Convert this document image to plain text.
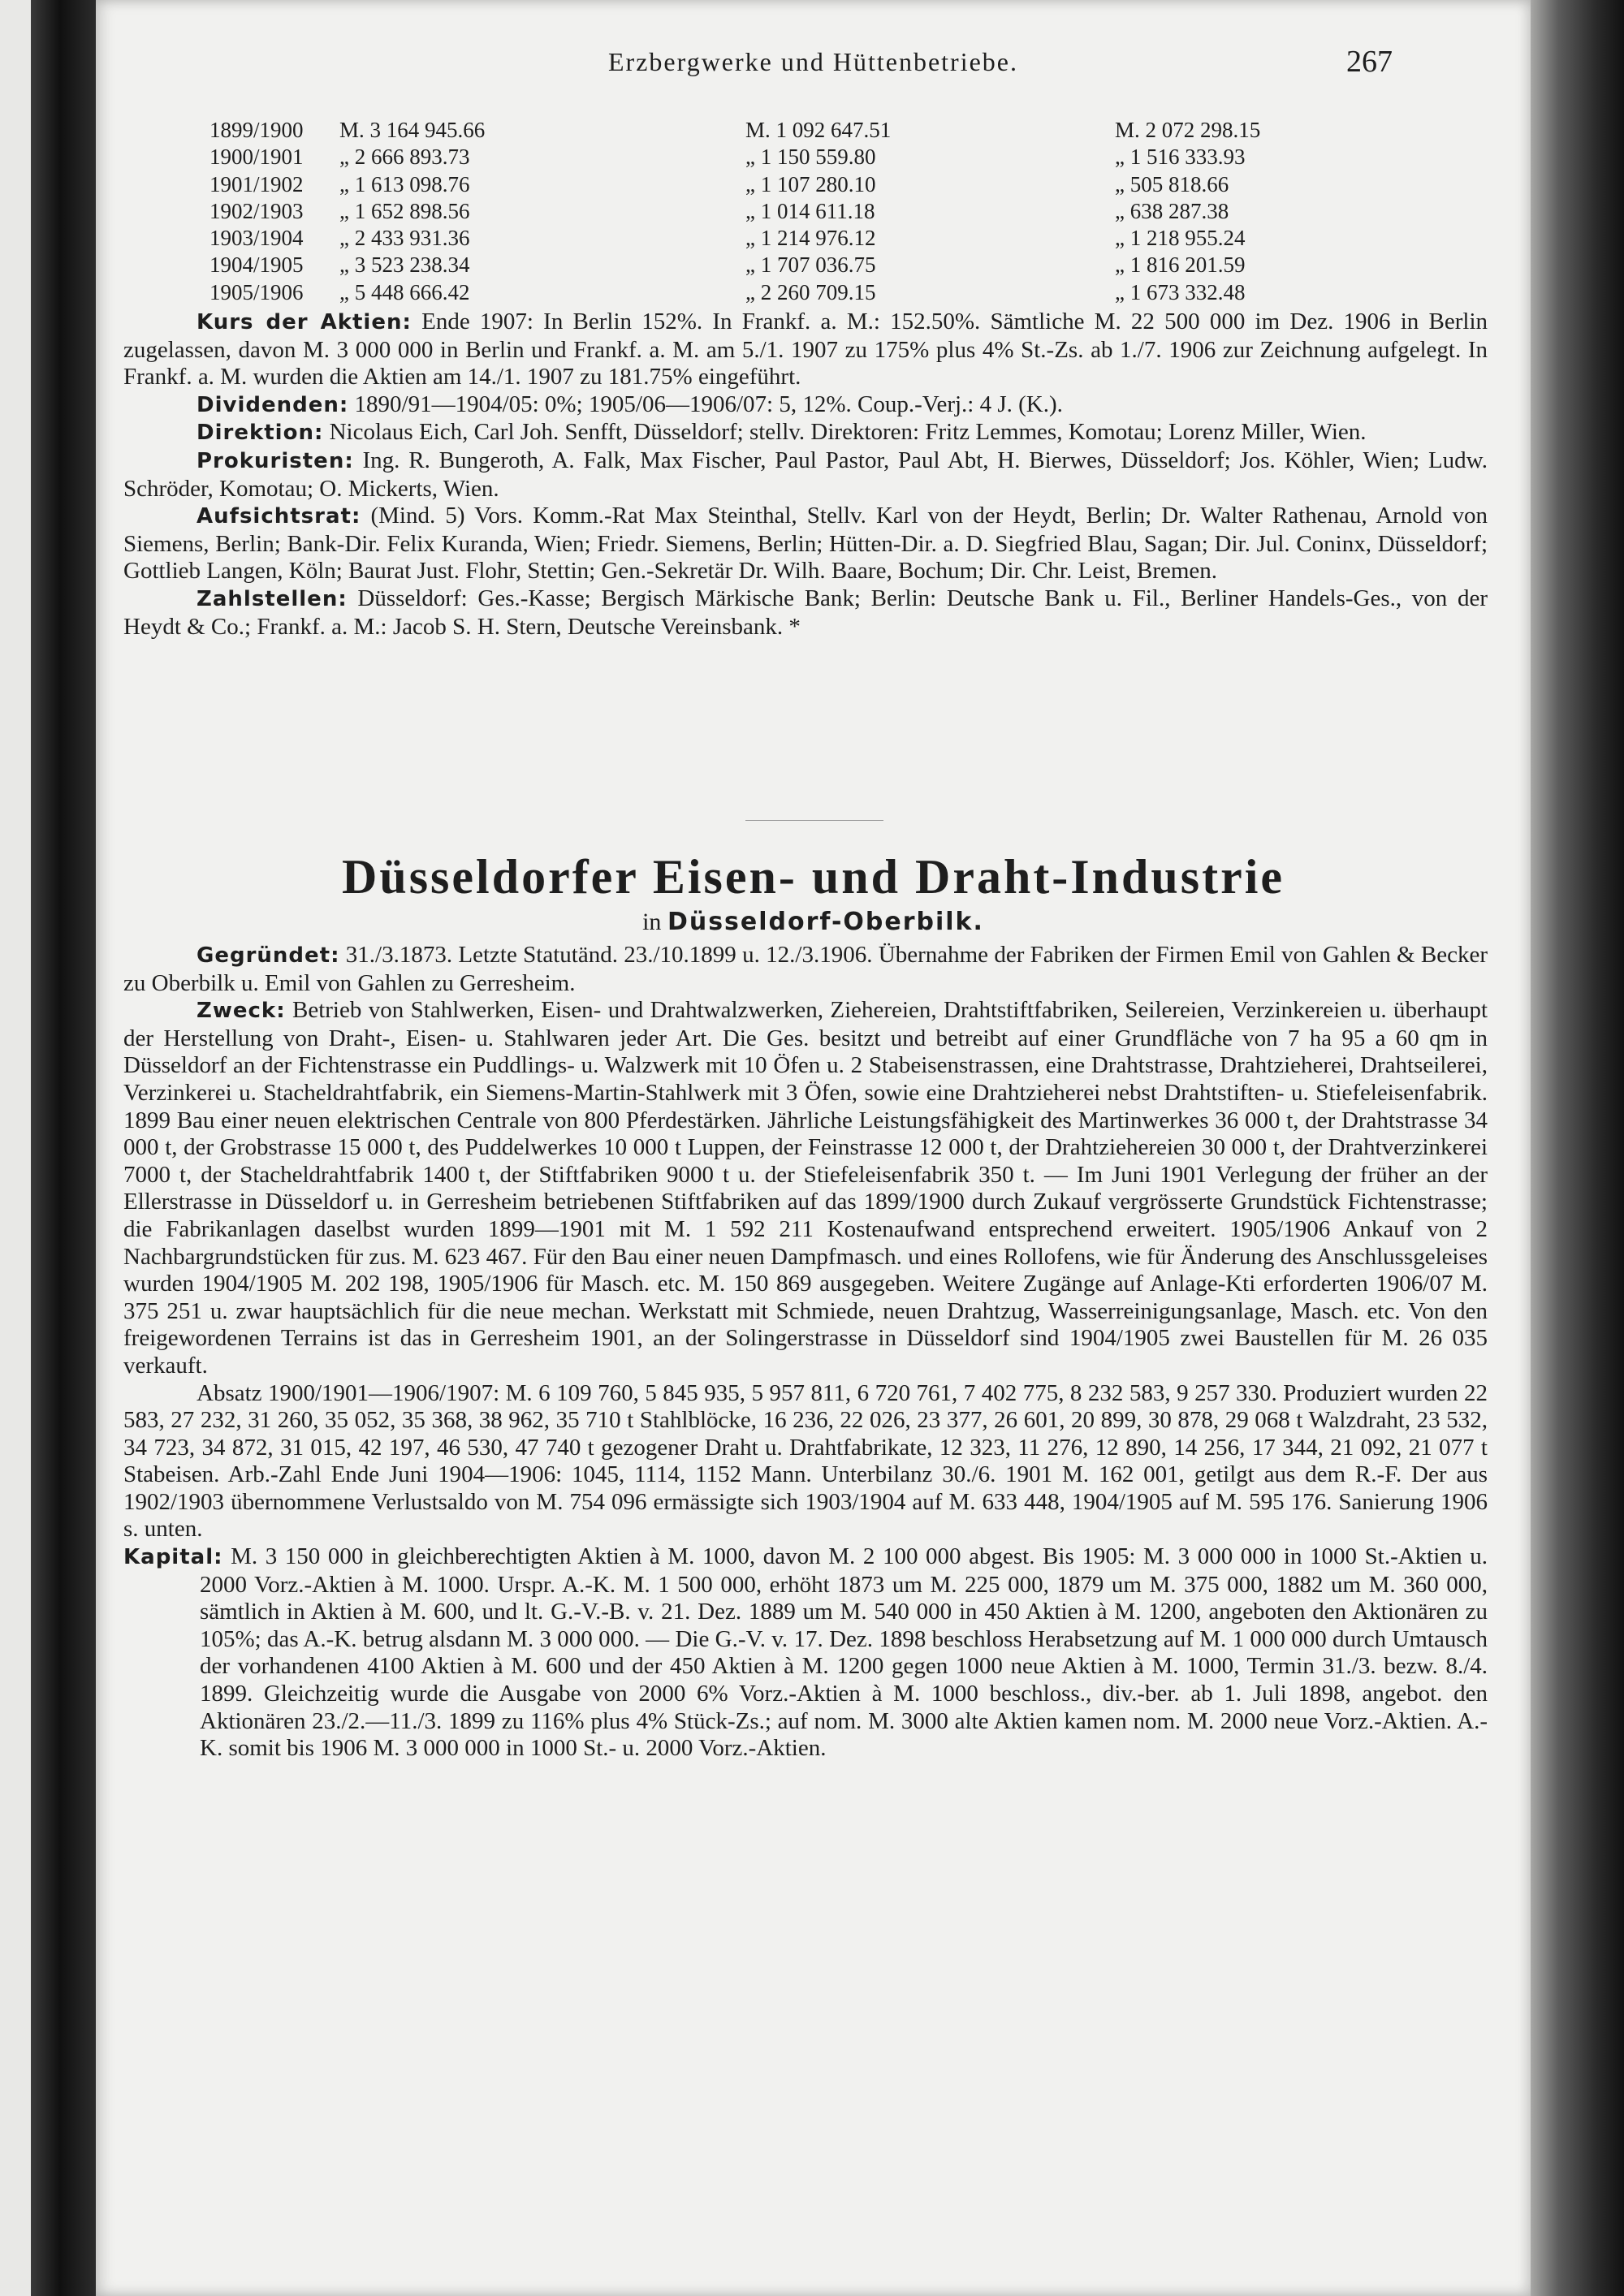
Erzbergwerke und Hüttenbetriebe.	267
1899/1900
1900/1901
1901/1902
1902/1903
1903/1904
1904/1905
1905/1906
M. 3 164 945.66
„ 2 666 893.73
„ 1 613 098.76
„ 1 652 898.56
„ 2 433 931.36
„ 3 523 238.34
„ 5 448 666.42
M. 1 092 647.51
„ 1 150 559.80
„ 1 107 280.10
„ 1 014 611.18
„ 1 214 976.12
„ 1 707 036.75
„ 2 260 709.15
M. 2 072 298.15
„ 1 516 333.93
„ 505 818.66
„ 638 287.38
„ 1 218 955.24
„ 1 816 201.59
„ 1 673 332.48

Kurs der Aktien: Ende 1907: In Berlin 152%. In Frankf. a. M.: 152.50%. Sämtliche M. 22 500 000 im Dez. 1906 in Berlin zugelassen, davon M. 3 000 000 in Berlin und Frankf. a. M. am 5./1. 1907 zu 175% plus 4% St.-Zs. ab 1./7. 1906 zur Zeichnung aufgelegt. In Frankf. a. M. wurden die Aktien am 14./1. 1907 zu 181.75% eingeführt.

Dividenden: 1890/91—1904/05: 0%; 1905/06—1906/07: 5, 12%. Coup.-Verj.: 4 J. (K.).

Direktion: Nicolaus Eich, Carl Joh. Senfft, Düsseldorf; stellv. Direktoren: Fritz Lemmes, Komotau; Lorenz Miller, Wien.

Prokuristen: Ing. R. Bungeroth, A. Falk, Max Fischer, Paul Pastor, Paul Abt, H. Bierwes, Düsseldorf; Jos. Köhler, Wien; Ludw. Schröder, Komotau; O. Mickerts, Wien.

Aufsichtsrat: (Mind. 5) Vors. Komm.-Rat Max Steinthal, Stellv. Karl von der Heydt, Berlin; Dr. Walter Rathenau, Arnold von Siemens, Berlin; Bank-Dir. Felix Kuranda, Wien; Friedr. Siemens, Berlin; Hütten-Dir. a. D. Siegfried Blau, Sagan; Dir. Jul. Coninx, Düsseldorf; Gottlieb Langen, Köln; Baurat Just. Flohr, Stettin; Gen.-Sekretär Dr. Wilh. Baare, Bochum; Dir. Chr. Leist, Bremen.

Zahlstellen: Düsseldorf: Ges.-Kasse; Bergisch Märkische Bank; Berlin: Deutsche Bank u. Fil., Berliner Handels-Ges., von der Heydt & Co.; Frankf. a. M.: Jacob S. H. Stern, Deutsche Vereinsbank. *

Düsseldorfer Eisen- und Draht-Industrie
in Düsseldorf-Oberbilk.

Gegründet: 31./3.1873. Letzte Statutänd. 23./10.1899 u. 12./3.1906. Übernahme der Fabriken der Firmen Emil von Gahlen & Becker zu Oberbilk u. Emil von Gahlen zu Gerresheim.

Zweck: Betrieb von Stahlwerken, Eisen- und Drahtwalzwerken, Ziehereien, Drahtstiftfabriken, Seilereien, Verzinkereien u. überhaupt der Herstellung von Draht-, Eisen- u. Stahlwaren jeder Art. Die Ges. besitzt und betreibt auf einer Grundfläche von 7 ha 95 a 60 qm in Düsseldorf an der Fichtenstrasse ein Puddlings- u. Walzwerk mit 10 Öfen u. 2 Stabeisenstrassen, eine Drahtstrasse, Drahtzieherei, Drahtseilerei, Verzinkerei u. Stacheldrahtfabrik, ein Siemens-Martin-Stahlwerk mit 3 Öfen, sowie eine Drahtzieherei nebst Drahtstiften- u. Stiefeleisenfabrik. 1899 Bau einer neuen elektrischen Centrale von 800 Pferdestärken. Jährliche Leistungsfähigkeit des Martinwerkes 36 000 t, der Drahtstrasse 34 000 t, der Grobstrasse 15 000 t, des Puddelwerkes 10 000 t Luppen, der Feinstrasse 12 000 t, der Drahtziehereien 30 000 t, der Drahtverzinkerei 7000 t, der Stacheldrahtfabrik 1400 t, der Stiftfabriken 9000 t u. der Stiefeleisenfabrik 350 t. — Im Juni 1901 Verlegung der früher an der Ellerstrasse in Düsseldorf u. in Gerresheim betriebenen Stiftfabriken auf das 1899/1900 durch Zukauf vergrösserte Grundstück Fichtenstrasse; die Fabrikanlagen daselbst wurden 1899—1901 mit M. 1 592 211 Kostenaufwand entsprechend erweitert. 1905/1906 Ankauf von 2 Nachbargrundstücken für zus. M. 623 467. Für den Bau einer neuen Dampfmasch. und eines Rollofens, wie für Änderung des Anschlussgeleises wurden 1904/1905 M. 202 198, 1905/1906 für Masch. etc. M. 150 869 ausgegeben. Weitere Zugänge auf Anlage-Kti erforderten 1906/07 M. 375 251 u. zwar hauptsächlich für die neue mechan. Werkstatt mit Schmiede, neuen Drahtzug, Wasserreinigungsanlage, Masch. etc. Von den freigewordenen Terrains ist das in Gerresheim 1901, an der Solingerstrasse in Düsseldorf sind 1904/1905 zwei Baustellen für M. 26 035 verkauft.

Absatz 1900/1901—1906/1907: M. 6 109 760, 5 845 935, 5 957 811, 6 720 761, 7 402 775, 8 232 583, 9 257 330. Produziert wurden 22 583, 27 232, 31 260, 35 052, 35 368, 38 962, 35 710 t Stahlblöcke, 16 236, 22 026, 23 377, 26 601, 20 899, 30 878, 29 068 t Walzdraht, 23 532, 34 723, 34 872, 31 015, 42 197, 46 530, 47 740 t gezogener Draht u. Drahtfabrikate, 12 323, 11 276, 12 890, 14 256, 17 344, 21 092, 21 077 t Stabeisen. Arb.-Zahl Ende Juni 1904—1906: 1045, 1114, 1152 Mann. Unterbilanz 30./6. 1901 M. 162 001, getilgt aus dem R.-F. Der aus 1902/1903 übernommene Verlustsaldo von M. 754 096 ermässigte sich 1903/1904 auf M. 633 448, 1904/1905 auf M. 595 176. Sanierung 1906 s. unten.

Kapital: M. 3 150 000 in gleichberechtigten Aktien à M. 1000, davon M. 2 100 000 abgest. Bis 1905: M. 3 000 000 in 1000 St.-Aktien u. 2000 Vorz.-Aktien à M. 1000. Urspr. A.-K. M. 1 500 000, erhöht 1873 um M. 225 000, 1879 um M. 375 000, 1882 um M. 360 000, sämtlich in Aktien à M. 600, und lt. G.-V.-B. v. 21. Dez. 1889 um M. 540 000 in 450 Aktien à M. 1200, angeboten den Aktionären zu 105%; das A.-K. betrug alsdann M. 3 000 000. — Die G.-V. v. 17. Dez. 1898 beschloss Herabsetzung auf M. 1 000 000 durch Umtausch der vorhandenen 4100 Aktien à M. 600 und der 450 Aktien à M. 1200 gegen 1000 neue Aktien à M. 1000, Termin 31./3. bezw. 8./4. 1899. Gleichzeitig wurde die Ausgabe von 2000 6% Vorz.-Aktien à M. 1000 beschloss., div.-ber. ab 1. Juli 1898, angebot. den Aktionären 23./2.—11./3. 1899 zu 116% plus 4% Stück-Zs.; auf nom. M. 3000 alte Aktien kamen nom. M. 2000 neue Vorz.-Aktien. A.-K. somit bis 1906 M. 3 000 000 in 1000 St.- u. 2000 Vorz.-Aktien.
